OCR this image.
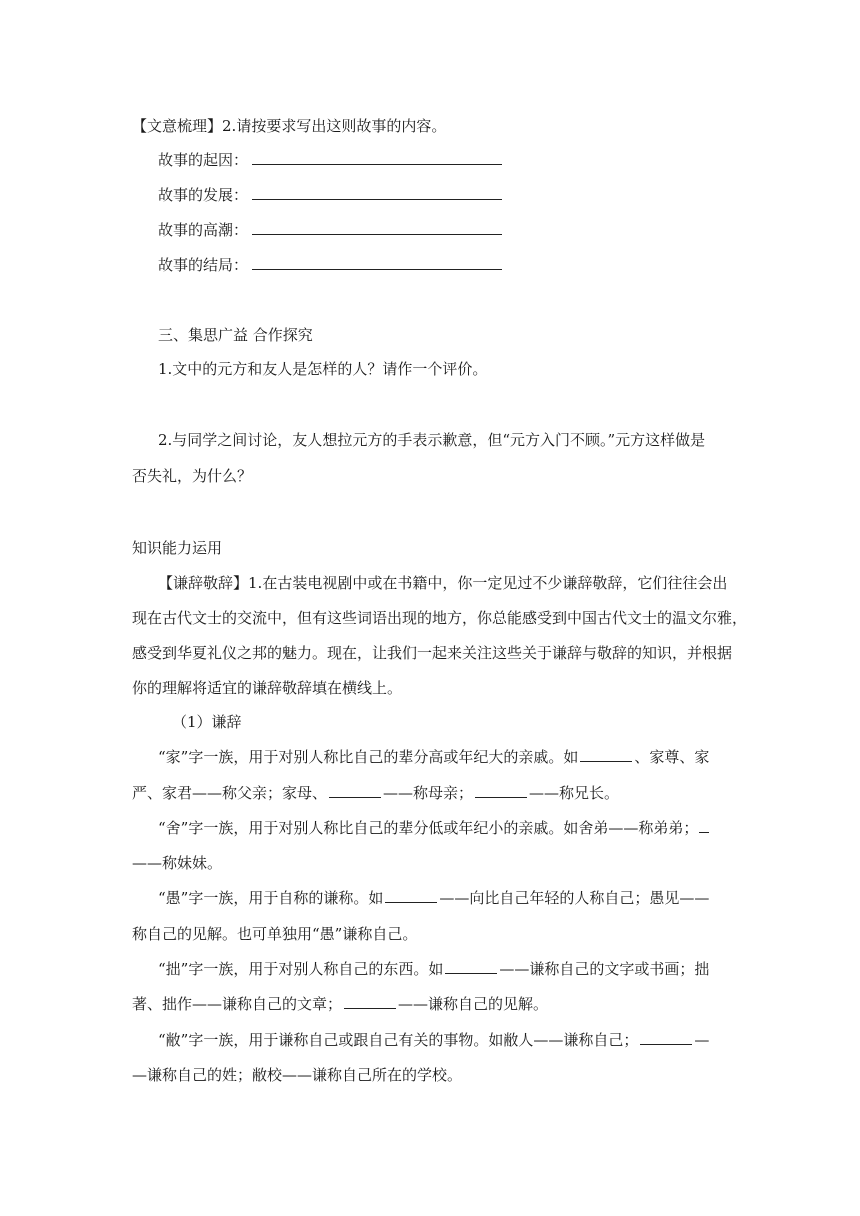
【文意梳理】2.请按要求写出这则故事的内容。
故事的起因：
故事的发展：
故事的高潮：
故事的结局：
三、集思广益 合作探究
1.文中的元方和友人是怎样的人？请作一个评价。
2.与同学之间讨论，友人想拉元方的手表示歉意，但“元方入门不顾。”元方这样做是
否失礼，为什么？
知识能力运用
【谦辞敬辞】1.在古装电视剧中或在书籍中，你一定见过不少谦辞敬辞，它们往往会出
现在古代文士的交流中，但有这些词语出现的地方，你总能感受到中国古代文士的温文尔雅，
感受到华夏礼仪之邦的魅力。现在，让我们一起来关注这些关于谦辞与敬辞的知识，并根据
你的理解将适宜的谦辞敬辞填在横线上。
（1）谦辞
“家”字一族，用于对别人称比自己的辈分高或年纪大的亲戚。如	、家尊、家
严、家君——称父亲；家母、	——称母亲；	——称兄长。
“舍”字一族，用于对别人称比自己的辈分低或年纪小的亲戚。如舍弟——称弟弟；
——称妹妹。
“愚”字一族，用于自称的谦称。如	——向比自己年轻的人称自己；愚见——
称自己的见解。也可单独用“愚”谦称自己。
“拙”字一族，用于对别人称自己的东西。如	——谦称自己的文字或书画；拙
著、拙作——谦称自己的文章；	——谦称自己的见解。
“敝”字一族，用于谦称自己或跟自己有关的事物。如敝人——谦称自己；	—
—谦称自己的姓；敝校——谦称自己所在的学校。
